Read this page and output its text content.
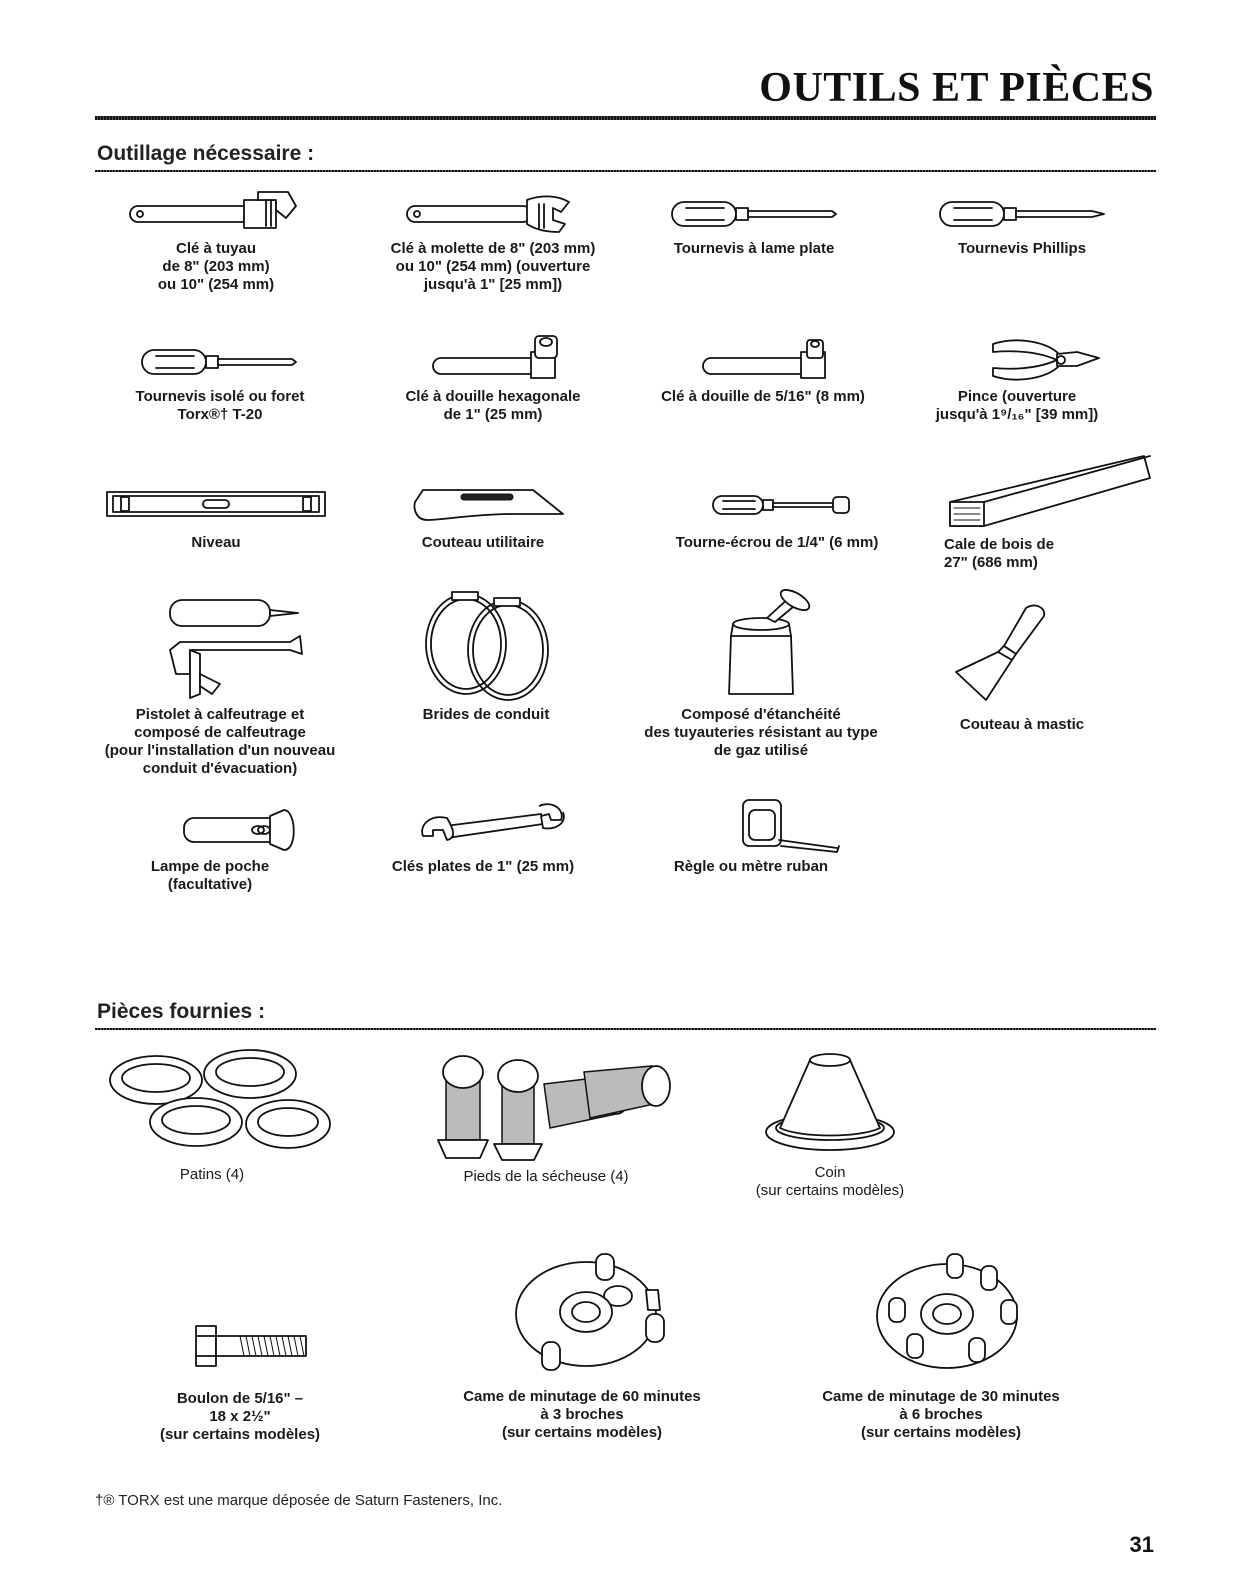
OUTILS ET PIÈCES
Outillage nécessaire :
Clé à tuyau
de 8" (203 mm)
ou 10" (254 mm)
Clé à molette de 8" (203 mm)
ou 10" (254 mm) (ouverture
jusqu'à 1" [25 mm])
Tournevis à lame plate	Tournevis Phillips
Tournevis isolé ou foret
Torx®† T-20
Clé à douille hexagonale
de 1" (25 mm)
Clé à douille de 5/16" (8 mm)	Pince (ouverture
jusqu'à 1⁹/₁₆" [39 mm])
Niveau	Couteau utilitaire	Tourne-écrou de 1/4" (6 mm)	Cale de bois de
27" (686 mm)
Pistolet à calfeutrage et
composé de calfeutrage
(pour l'installation d'un nouveau
conduit d'évacuation)
Brides de conduit	Composé d'étanchéité
des tuyauteries résistant au type
de gaz utilisé
Couteau à mastic
Lampe de poche
(facultative)
Clés plates de 1" (25 mm)	Règle ou mètre ruban
Pièces fournies :
Patins (4)	Pieds de la sécheuse (4)	Coin
(sur certains modèles)
Boulon de 5/16" –
18 x 2½"
(sur certains modèles)
Came de minutage de 60 minutes
à 3 broches
(sur certains modèles)
Came de minutage de 30 minutes
à 6 broches
(sur certains modèles)
†® TORX est une marque déposée de Saturn Fasteners, Inc.
31
